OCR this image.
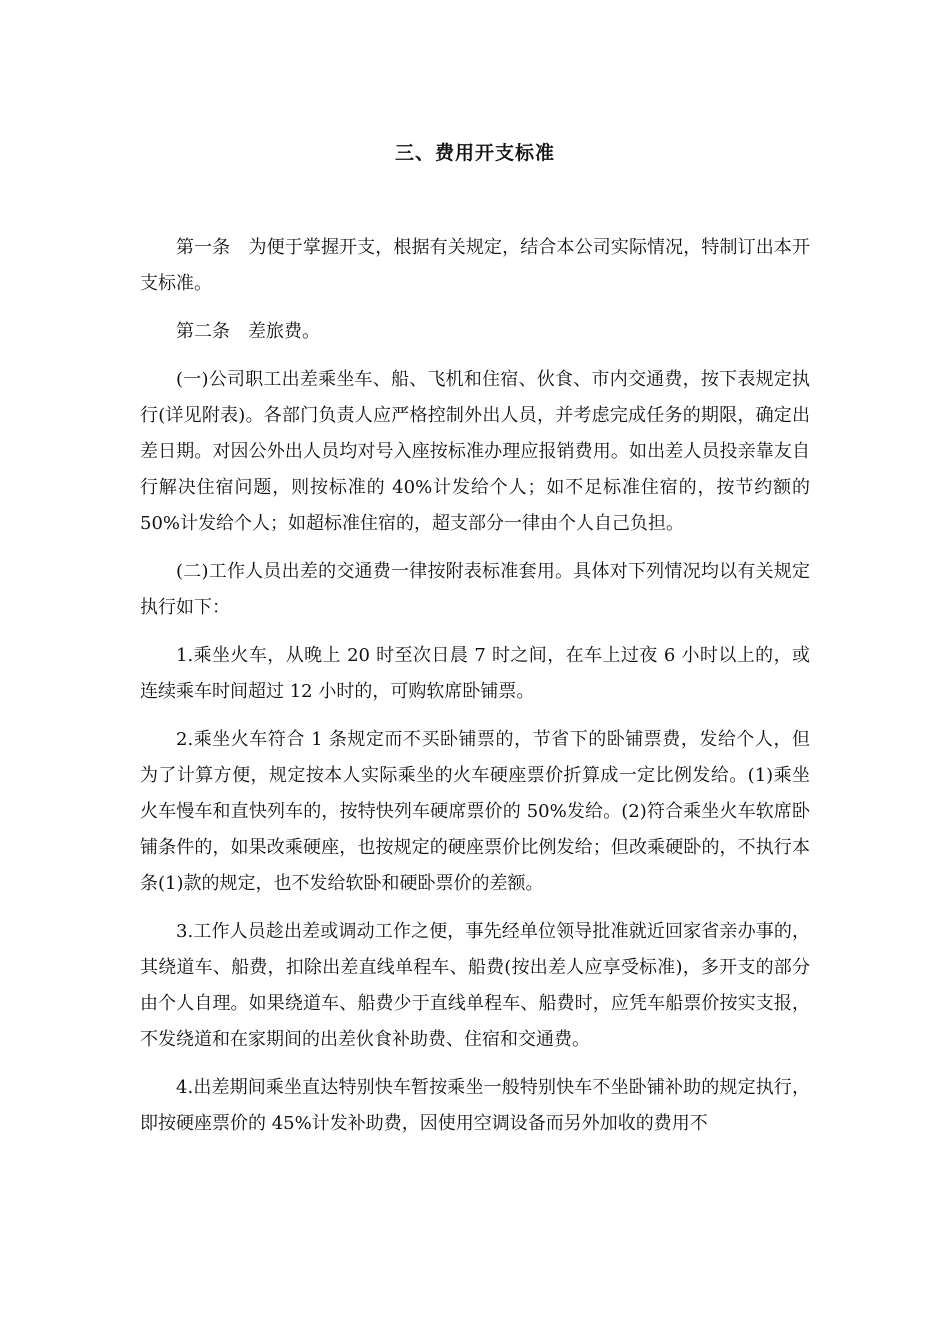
三、费用开支标准

第一条　为便于掌握开支，根据有关规定，结合本公司实际情况，特制订出本开支标准。

第二条　差旅费。

(一)公司职工出差乘坐车、船、飞机和住宿、伙食、市内交通费，按下表规定执行(详见附表)。各部门负责人应严格控制外出人员，并考虑完成任务的期限，确定出差日期。对因公外出人员均对号入座按标准办理应报销费用。如出差人员投亲靠友自行解决住宿问题，则按标准的 40%计发给个人；如不足标准住宿的，按节约额的 50%计发给个人；如超标准住宿的，超支部分一律由个人自己负担。

(二)工作人员出差的交通费一律按附表标准套用。具体对下列情况均以有关规定执行如下：

1.乘坐火车，从晚上 20 时至次日晨 7 时之间，在车上过夜 6 小时以上的，或连续乘车时间超过 12 小时的，可购软席卧铺票。

2.乘坐火车符合 1 条规定而不买卧铺票的，节省下的卧铺票费，发给个人，但为了计算方便，规定按本人实际乘坐的火车硬座票价折算成一定比例发给。(1)乘坐火车慢车和直快列车的，按特快列车硬席票价的 50%发给。(2)符合乘坐火车软席卧铺条件的，如果改乘硬座，也按规定的硬座票价比例发给；但改乘硬卧的，不执行本条(1)款的规定，也不发给软卧和硬卧票价的差额。

3.工作人员趁出差或调动工作之便，事先经单位领导批准就近回家省亲办事的，其绕道车、船费，扣除出差直线单程车、船费(按出差人应享受标准)，多开支的部分由个人自理。如果绕道车、船费少于直线单程车、船费时，应凭车船票价按实支报，不发绕道和在家期间的出差伙食补助费、住宿和交通费。

4.出差期间乘坐直达特别快车暂按乘坐一般特别快车不坐卧铺补助的规定执行，即按硬座票价的 45%计发补助费，因使用空调设备而另外加收的费用不
